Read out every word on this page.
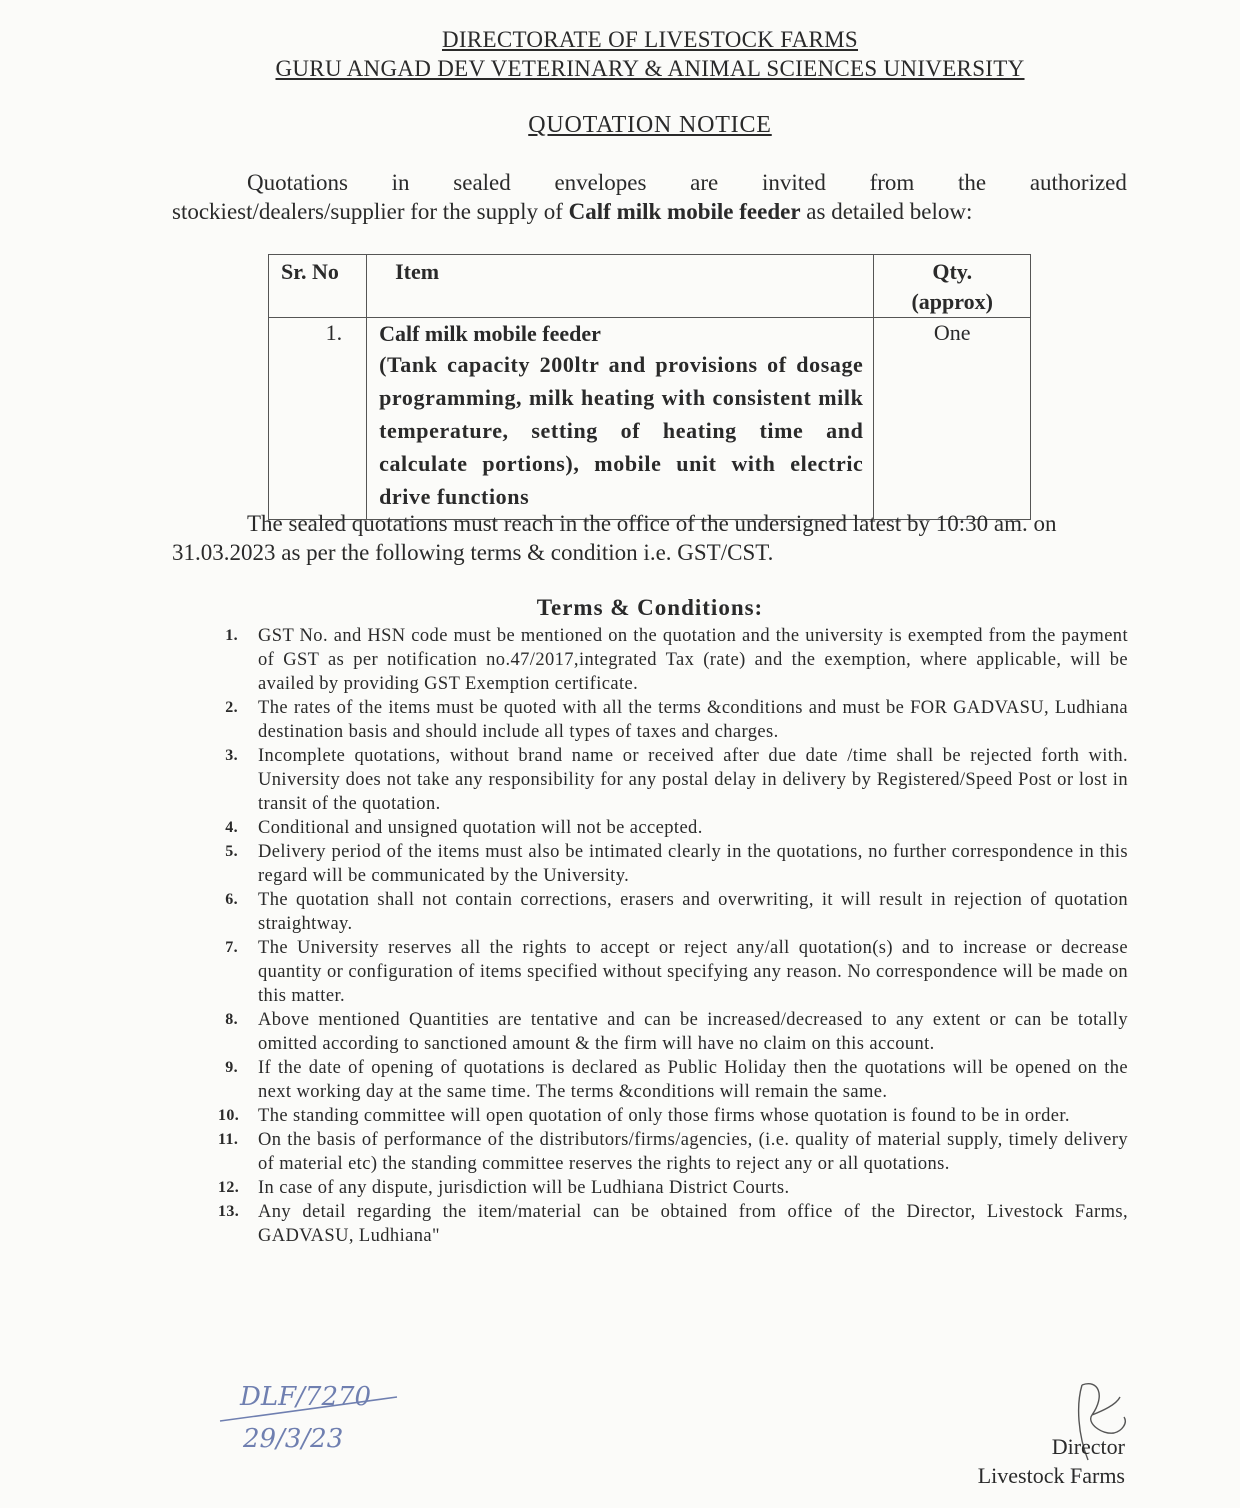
DIRECTORATE OF LIVESTOCK FARMS
GURU ANGAD DEV VETERINARY & ANIMAL SCIENCES UNIVERSITY
QUOTATION NOTICE
Quotations in sealed envelopes are invited from the authorized
stockiest/dealers/supplier for the supply of Calf milk mobile feeder as detailed below:
Sr. No	Item	Qty.
(approx)

1.	Calf milk mobile feeder
(Tank capacity 200ltr and provisions of dosage programming, milk heating with consistent milk temperature, setting of heating time and calculate portions), mobile unit with electric drive functions	One
The sealed quotations must reach in the office of the undersigned latest by 10:30 am. on
31.03.2023 as per the following terms & condition i.e. GST/CST.
Terms & Conditions:
1. GST No. and HSN code must be mentioned on the quotation and the university is exempted from the payment of GST as per notification no.47/2017,integrated Tax (rate) and the exemption, where applicable, will be availed by providing GST Exemption certificate.
2. The rates of the items must be quoted with all the terms &conditions and must be FOR GADVASU, Ludhiana destination basis and should include all types of taxes and charges.
3. Incomplete quotations, without brand name or received after due date /time shall be rejected forth with. University does not take any responsibility for any postal delay in delivery by Registered/Speed Post or lost in transit of the quotation.
4. Conditional and unsigned quotation will not be accepted.
5. Delivery period of the items must also be intimated clearly in the quotations, no further correspondence in this regard will be communicated by the University.
6. The quotation shall not contain corrections, erasers and overwriting, it will result in rejection of quotation straightway.
7. The University reserves all the rights to accept or reject any/all quotation(s) and to increase or decrease quantity or configuration of items specified without specifying any reason. No correspondence will be made on this matter.
8. Above mentioned Quantities are tentative and can be increased/decreased to any extent or can be totally omitted according to sanctioned amount & the firm will have no claim on this account.
9. If the date of opening of quotations is declared as Public Holiday then the quotations will be opened on the next working day at the same time. The terms &conditions will remain the same.
10. The standing committee will open quotation of only those firms whose quotation is found to be in order.
11. On the basis of performance of the distributors/firms/agencies, (i.e. quality of material supply, timely delivery of material etc) the standing committee reserves the rights to reject any or all quotations.
12. In case of any dispute, jurisdiction will be Ludhiana District Courts.
13. Any detail regarding the item/material can be obtained from office of the Director, Livestock Farms, GADVASU, Ludhiana"
DLF/7270
29/3/23	Director
Livestock Farms
